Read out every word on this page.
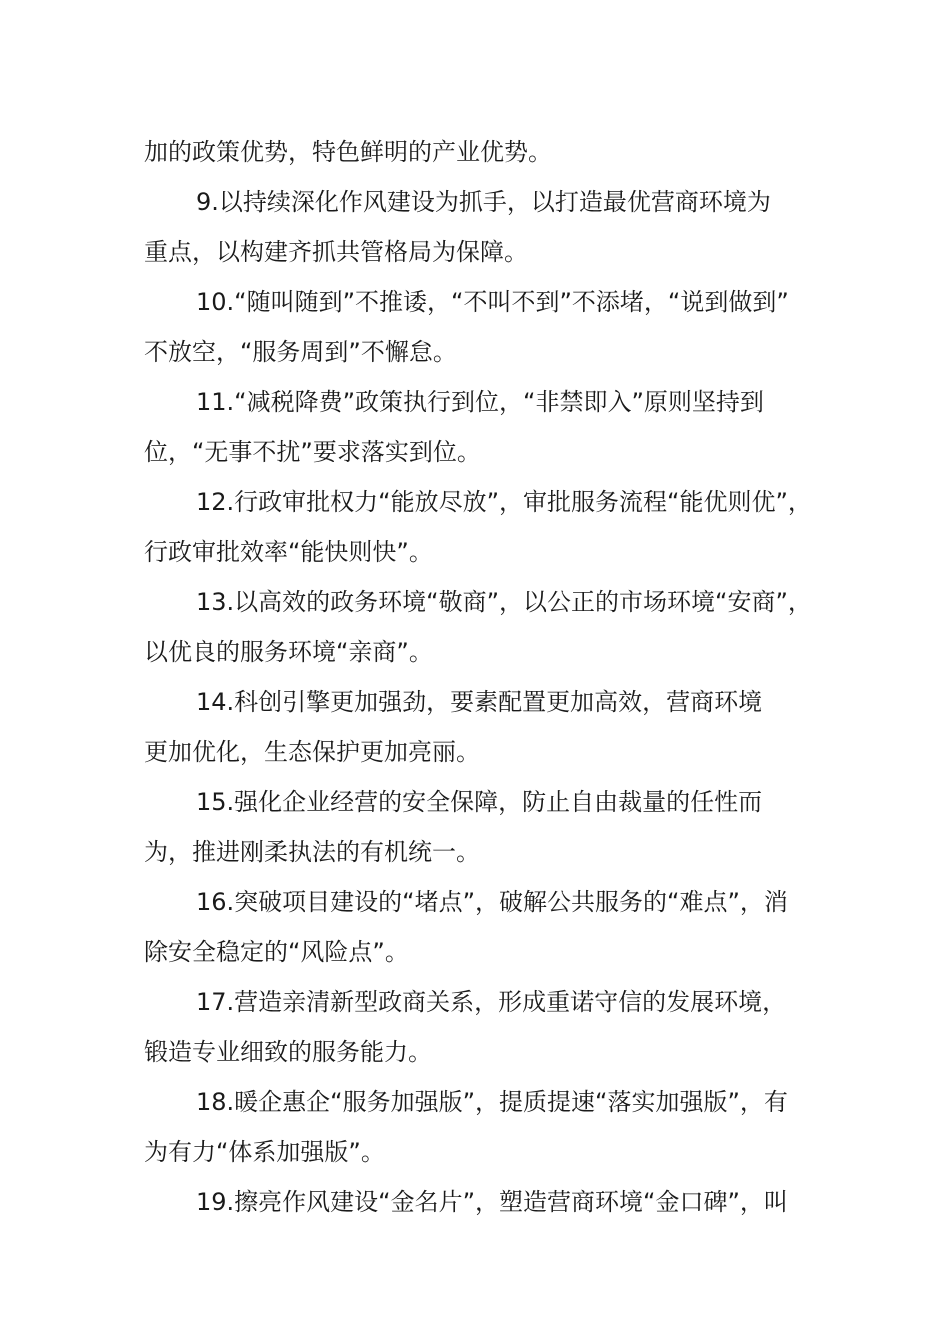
加的政策优势，特色鲜明的产业优势。
9.以持续深化作风建设为抓手，以打造最优营商环境为
重点，以构建齐抓共管格局为保障。
10.“随叫随到”不推诿，“不叫不到”不添堵，“说到做到”
不放空，“服务周到”不懈怠。
11.“减税降费”政策执行到位，“非禁即入”原则坚持到
位，“无事不扰”要求落实到位。
12.行政审批权力“能放尽放”，审批服务流程“能优则优”，
行政审批效率“能快则快”。
13.以高效的政务环境“敬商”，以公正的市场环境“安商”，
以优良的服务环境“亲商”。
14.科创引擎更加强劲，要素配置更加高效，营商环境
更加优化，生态保护更加亮丽。
15.强化企业经营的安全保障，防止自由裁量的任性而
为，推进刚柔执法的有机统一。
16.突破项目建设的“堵点”，破解公共服务的“难点”，消
除安全稳定的“风险点”。
17.营造亲清新型政商关系，形成重诺守信的发展环境，
锻造专业细致的服务能力。
18.暖企惠企“服务加强版”，提质提速“落实加强版”，有
为有力“体系加强版”。
19.擦亮作风建设“金名片”，塑造营商环境“金口碑”，叫
